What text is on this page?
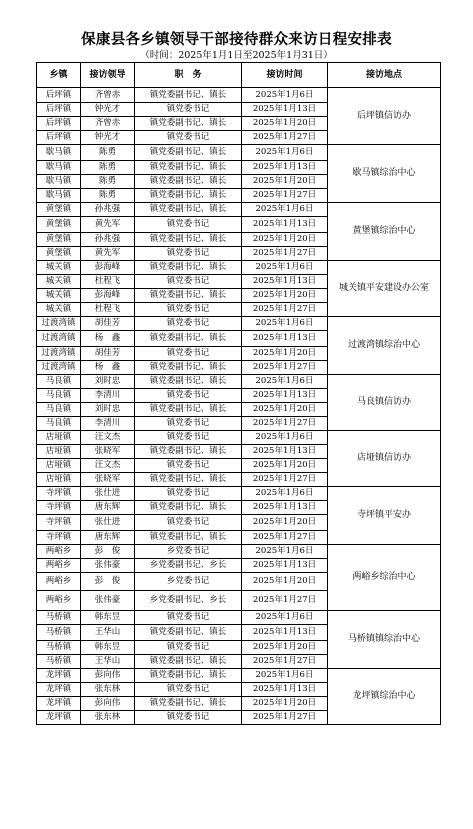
保康县各乡镇领导干部接待群众来访日程安排表
（时间：2025年1月1日至2025年1月31日）
乡镇	接访领导	职　务	接访时间	接访地点
后坪镇	齐曾赤	镇党委副书记、镇长	2025年1月6日	后坪镇信访办
后坪镇	钟光才	镇党委书记	2025年1月13日	
后坪镇	齐曾赤	镇党委副书记、镇长	2025年1月20日	
后坪镇	钟光才	镇党委书记	2025年1月27日	
歇马镇	陈勇	镇党委副书记、镇长	2025年1月6日	歇马镇综治中心
歇马镇	陈勇	镇党委副书记、镇长	2025年1月13日	
歇马镇	陈勇	镇党委副书记、镇长	2025年1月20日	
歇马镇	陈勇	镇党委副书记、镇长	2025年1月27日	
黄堡镇	孙兆强	镇党委副书记、镇长	2025年1月6日	黄堡镇综治中心
黄堡镇	黄先军	镇党委书记	2025年1月13日	
黄堡镇	孙兆强	镇党委副书记、镇长	2025年1月20日	
黄堡镇	黄先军	镇党委书记	2025年1月27日	
城关镇	彭海峰	镇党委副书记、镇长	2025年1月6日	城关镇平安建设办公室
城关镇	杜程飞	镇党委书记	2025年1月13日	
城关镇	彭海峰	镇党委副书记、镇长	2025年1月20日	
城关镇	杜程飞	镇党委书记	2025年1月27日	
过渡湾镇	胡佳芳	镇党委书记	2025年1月6日	过渡湾镇综治中心
过渡湾镇	杨　鑫	镇党委副书记、镇长	2025年1月13日	
过渡湾镇	胡佳芳	镇党委书记	2025年1月20日	
过渡湾镇	杨　鑫	镇党委副书记、镇长	2025年1月27日	
马良镇	刘时忠	镇党委副书记、镇长	2025年1月6日	马良镇信访办
马良镇	李清川	镇党委书记	2025年1月13日	
马良镇	刘时忠	镇党委副书记、镇长	2025年1月20日	
马良镇	李清川	镇党委书记	2025年1月27日	
店垭镇	汪文杰	镇党委书记	2025年1月6日	店垭镇信访办
店垭镇	张晓军	镇党委副书记、镇长	2025年1月13日	
店垭镇	汪文杰	镇党委书记	2025年1月20日	
店垭镇	张晓军	镇党委副书记、镇长	2025年1月27日	
寺坪镇	张仕进	镇党委书记	2025年1月6日	寺坪镇平安办
寺坪镇	唐东辉	镇党委副书记、镇长	2025年1月13日	
寺坪镇	张仕进	镇党委书记	2025年1月20日	
寺坪镇	唐东辉	镇党委副书记、镇长	2025年1月27日	
两峪乡	彭　俊	乡党委书记	2025年1月6日	两峪乡综治中心
两峪乡	张伟豪	乡党委副书记、乡长	2025年1月13日	
两峪乡	彭　俊	乡党委书记	2025年1月20日	
两峪乡	张伟豪	乡党委副书记、乡长	2025年1月27日	
马桥镇	韩东昱	镇党委书记	2025年1月6日	马桥镇镇综治中心
马桥镇	王华山	镇党委副书记、镇长	2025年1月13日	
马桥镇	韩东昱	镇党委书记	2025年1月20日	
马桥镇	王华山	镇党委副书记、镇长	2025年1月27日	
龙坪镇	彭向伟	镇党委副书记、镇长	2025年1月6日	龙坪镇综治中心
龙坪镇	张东林	镇党委书记	2025年1月13日	
龙坪镇	彭向伟	镇党委副书记、镇长	2025年1月20日	
龙坪镇	张东林	镇党委书记	2025年1月27日	
